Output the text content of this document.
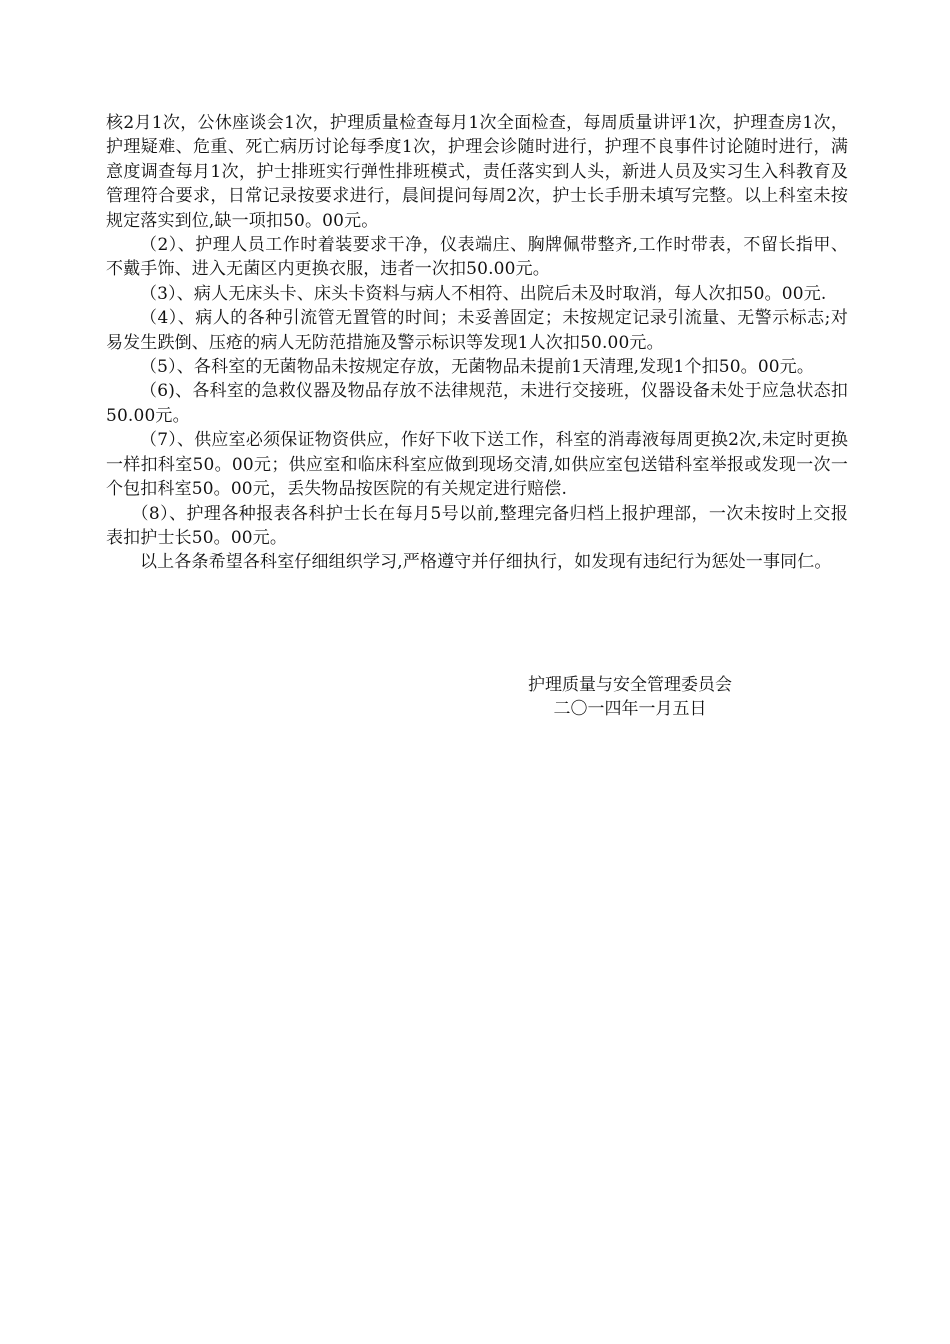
核2月1次，公休座谈会1次，护理质量检查每月1次全面检查，每周质量讲评1次，护理查房1次，护理疑难、危重、死亡病历讨论每季度1次，护理会诊随时进行，护理不良事件讨论随时进行，满意度调查每月1次，护士排班实行弹性排班模式，责任落实到人头，新进人员及实习生入科教育及管理符合要求，日常记录按要求进行，晨间提问每周2次，护士长手册未填写完整。以上科室未按规定落实到位,缺一项扣50。00元。

（2）、护理人员工作时着装要求干净，仪表端庄、胸牌佩带整齐,工作时带表，不留长指甲、不戴手饰、进入无菌区内更换衣服，违者一次扣50.00元。

（3）、病人无床头卡、床头卡资料与病人不相符、出院后未及时取消，每人次扣50。00元.

（4）、病人的各种引流管无置管的时间；未妥善固定；未按规定记录引流量、无警示标志;对易发生跌倒、压疮的病人无防范措施及警示标识等发现1人次扣50.00元。

（5）、各科室的无菌物品未按规定存放，无菌物品未提前1天清理,发现1个扣50。00元。

（6)、各科室的急救仪器及物品存放不法律规范，未进行交接班，仪器设备未处于应急状态扣50.00元。

（7）、供应室必须保证物资供应，作好下收下送工作，科室的消毒液每周更换2次,未定时更换一样扣科室50。00元；供应室和临床科室应做到现场交清,如供应室包送错科室举报或发现一次一个包扣科室50。00元，丢失物品按医院的有关规定进行赔偿.

（8）、护理各种报表各科护士长在每月5号以前,整理完备归档上报护理部，一次未按时上交报表扣护士长50。00元。

以上各条希望各科室仔细组织学习,严格遵守并仔细执行，如发现有违纪行为惩处一事同仁。

护理质量与安全管理委员会
二〇一四年一月五日
